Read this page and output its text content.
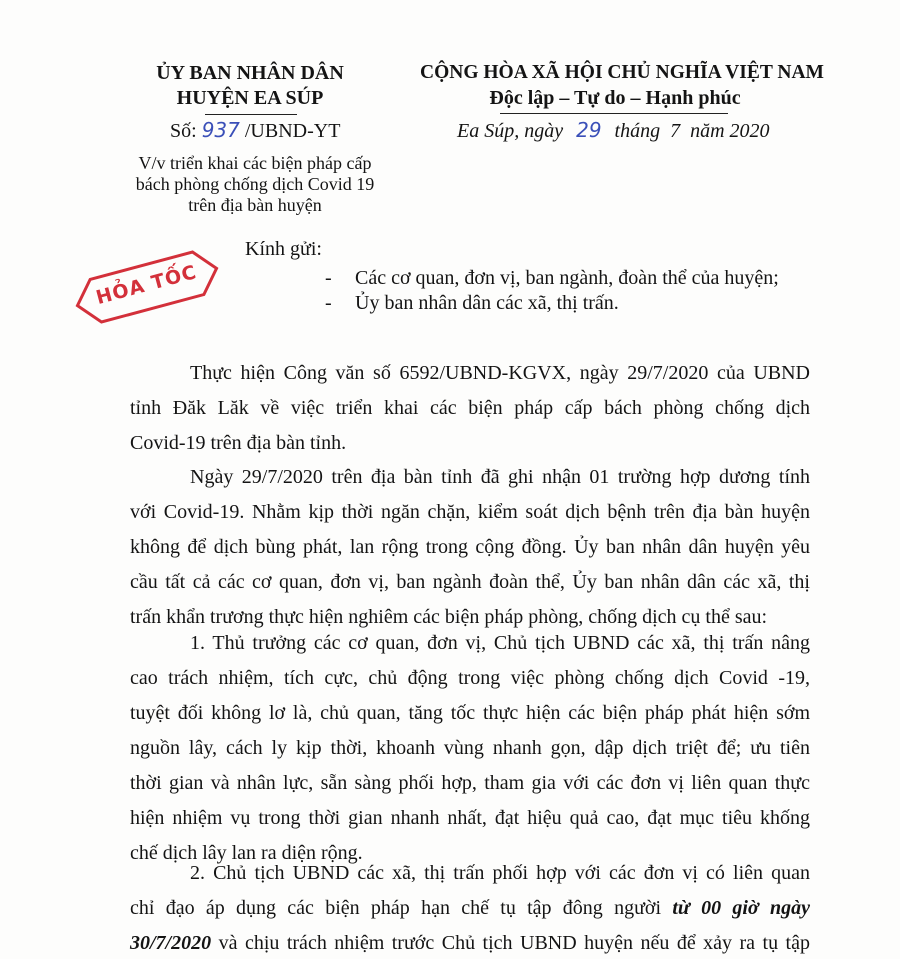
ỦY BAN NHÂN DÂN
HUYỆN EA SÚP
Số: 937 /UBND-YT
V/v triển khai các biện pháp cấp
bách phòng chống dịch Covid 19
trên địa bàn huyện
CỘNG HÒA XÃ HỘI CHỦ NGHĨA VIỆT NAM
Độc lập – Tự do – Hạnh phúc
Ea Súp, ngày 29 tháng  7  năm 2020
HỎA TỐC
Kính gửi:
- Các cơ quan, đơn vị, ban ngành, đoàn thể của huyện;
- Ủy ban nhân dân các xã, thị trấn.
Thực hiện Công văn số 6592/UBND-KGVX, ngày 29/7/2020 của UBND
tỉnh Đăk Lăk về việc triển khai các biện pháp cấp bách phòng chống dịch
Covid-19 trên địa bàn tỉnh.
Ngày 29/7/2020 trên địa bàn tỉnh đã ghi nhận 01 trường hợp dương tính
với Covid-19. Nhằm kịp thời ngăn chặn, kiểm soát dịch bệnh trên địa bàn huyện
không để dịch bùng phát, lan rộng trong cộng đồng. Ủy ban nhân dân huyện yêu
cầu tất cả các cơ quan, đơn vị, ban ngành đoàn thể, Ủy ban nhân dân các xã, thị
trấn khẩn trương thực hiện nghiêm các biện pháp phòng, chống dịch cụ thể sau:
1. Thủ trưởng các cơ quan, đơn vị, Chủ tịch UBND các xã, thị trấn nâng
cao trách nhiệm, tích cực, chủ động trong việc phòng chống dịch Covid -19,
tuyệt đối không lơ là, chủ quan, tăng tốc thực hiện các biện pháp phát hiện sớm
nguồn lây, cách ly kịp thời, khoanh vùng nhanh gọn, dập dịch triệt để; ưu tiên
thời gian và nhân lực, sẵn sàng phối hợp, tham gia với các đơn vị liên quan thực
hiện nhiệm vụ trong thời gian nhanh nhất, đạt hiệu quả cao, đạt mục tiêu khống
chế dịch lây lan ra diện rộng.
2. Chủ tịch UBND các xã, thị trấn phối hợp với các đơn vị có liên quan
chỉ đạo áp dụng các biện pháp hạn chế tụ tập đông người từ 00 giờ ngày
30/7/2020 và chịu trách nhiệm trước Chủ tịch UBND huyện nếu để xảy ra tụ tập
